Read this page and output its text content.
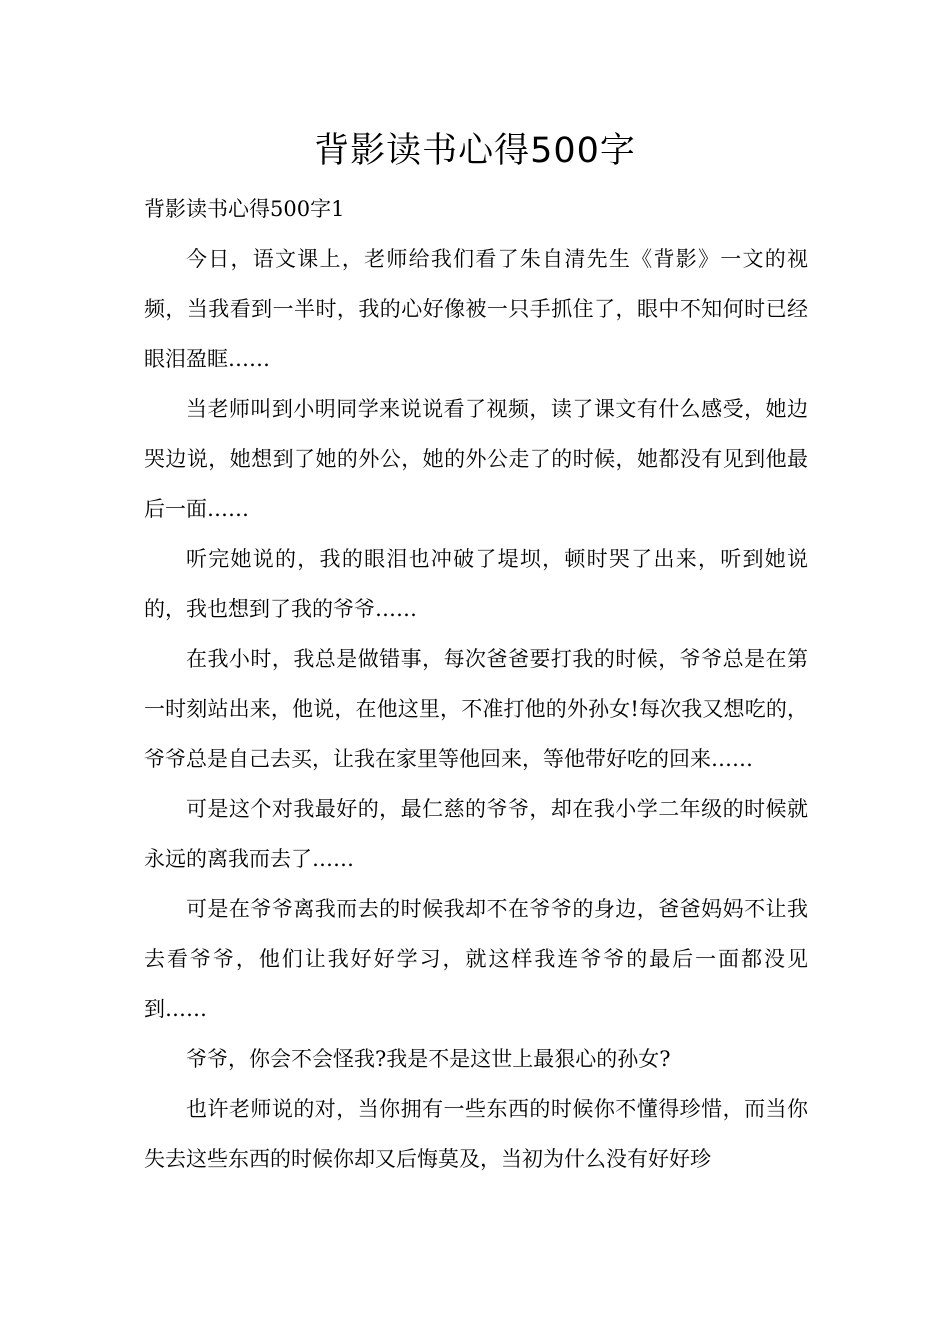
背影读书心得500字

背影读书心得500字1

今日，语文课上，老师给我们看了朱自清先生《背影》一文的视频，当我看到一半时，我的心好像被一只手抓住了，眼中不知何时已经眼泪盈眶……

当老师叫到小明同学来说说看了视频，读了课文有什么感受，她边哭边说，她想到了她的外公，她的外公走了的时候，她都没有见到他最后一面……

听完她说的，我的眼泪也冲破了堤坝，顿时哭了出来，听到她说的，我也想到了我的爷爷……

在我小时，我总是做错事，每次爸爸要打我的时候，爷爷总是在第一时刻站出来，他说，在他这里，不准打他的外孙女!每次我又想吃的，爷爷总是自己去买，让我在家里等他回来，等他带好吃的回来……

可是这个对我最好的，最仁慈的爷爷，却在我小学二年级的时候就永远的离我而去了……

可是在爷爷离我而去的时候我却不在爷爷的身边，爸爸妈妈不让我去看爷爷，他们让我好好学习，就这样我连爷爷的最后一面都没见到……

爷爷，你会不会怪我?我是不是这世上最狠心的孙女?

也许老师说的对，当你拥有一些东西的时候你不懂得珍惜，而当你失去这些东西的时候你却又后悔莫及，当初为什么没有好好珍
